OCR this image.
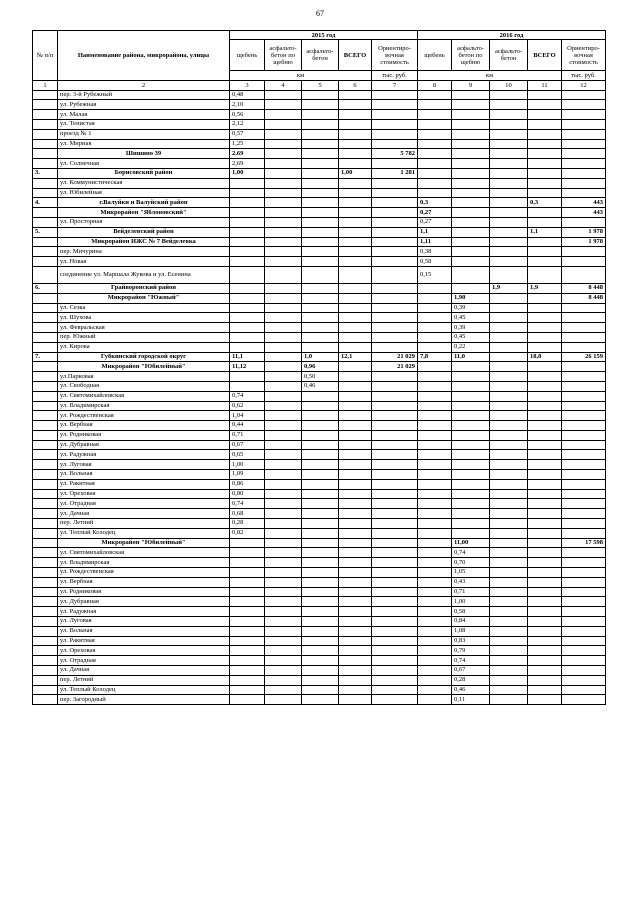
67
№ п/п	Наименование района, микрорайона, улицы	2015 год					2016 год				
		щебень	асфальто-бетон по щебню	асфальто-бетон	ВСЕГО	Ориентиро-вочная стоимость	щебень	асфальто-бетон по щебню	асфальто-бетон	ВСЕГО	Ориентиро-вочная стоимость
		км				тыс. руб.	км				тыс. руб.
1	2	3	4	5	6	7	8	9	10	11	12
	пер. 3-й Рубежный	0,48									
	ул. Рубежная	2,10									
	ул. Малая	0,56									
	ул. Тенистая	2,12									
	проезд № 1	0,57									
	ул. Мирная	1,25									
	Шишино 39	2,69				5 782					
	ул. Солнечная	2,69									
3.	Борисовский район	1,00			1,00	1 281					
	ул. Коммунистическая										
	ул. Юбилейная										
4.	г.Валуйки и Валуйский район						0,3			0,3	443
	Микрорайон "Яблоновский"						0,27				443
	ул. Просторная						0,27				
5.	Вейделевский район						1,1			1,1	1 978
	Микрорайон ИЖС № 7 Вейделевка						1,11				1 978
	пер. Мичурина						0,38				
	ул. Новая						0,58				
	соединение ул. Маршала Жукова и ул. Есенина						0,15				
6.	Грайворонский район								1,9	1,9	8 448
	Микрорайон "Южный"							1,90			8 448
	ул. Сезка							0,39			
	ул. Шухова							0,45			
	ул. Февральская							0,39			
	пер. Южный							0,45			
	ул. Кирова							0,22			
7.	Губкинский городской округ	11,1		1,0	12,1	21 029	7,8	11,0		18,8	26 159
	Микрорайон "Юбилейный"	11,12		0,96		21 029					
	ул.Парковая			0,50							
	ул. Свободная			0,46							
	ул. Святомихайловская	0,74									
	ул. Владимирская	0,62									
	ул. Рождественская	1,04									
	ул. Вербная	0,44									
	ул. Родниковая	0,71									
	ул. Дубравная	0,67									
	ул. Радужная	0,65									
	ул. Луговая	1,00									
	ул. Вольная	1,09									
	ул. Ракитная	0,86									
	ул. Ореховая	0,80									
	ул. Отрадная	0,74									
	ул. Дачная	0,68									
	пер. Летний	0,28									
	ул. Теплый Колодец	0,82									
	Микрорайон "Юбилейный"							11,00			17 598
	ул. Святомихайловская							0,74			
	ул. Владимирская							0,70			
	ул. Рождественская							1,05			
	ул. Вербная							0,43			
	ул. Родниковая							0,71			
	ул. Дубравная							1,00			
	ул. Радужная							0,58			
	ул. Луговая							0,84			
	ул. Вольная							1,08			
	ул. Ракитная							0,83			
	ул. Ореховая							0,79			
	ул. Отрадная							0,74			
	ул. Дачная							0,67			
	пер. Летний							0,28			
	ул. Теплый Колодец							0,46			
	пер. Загородный							0,11			
